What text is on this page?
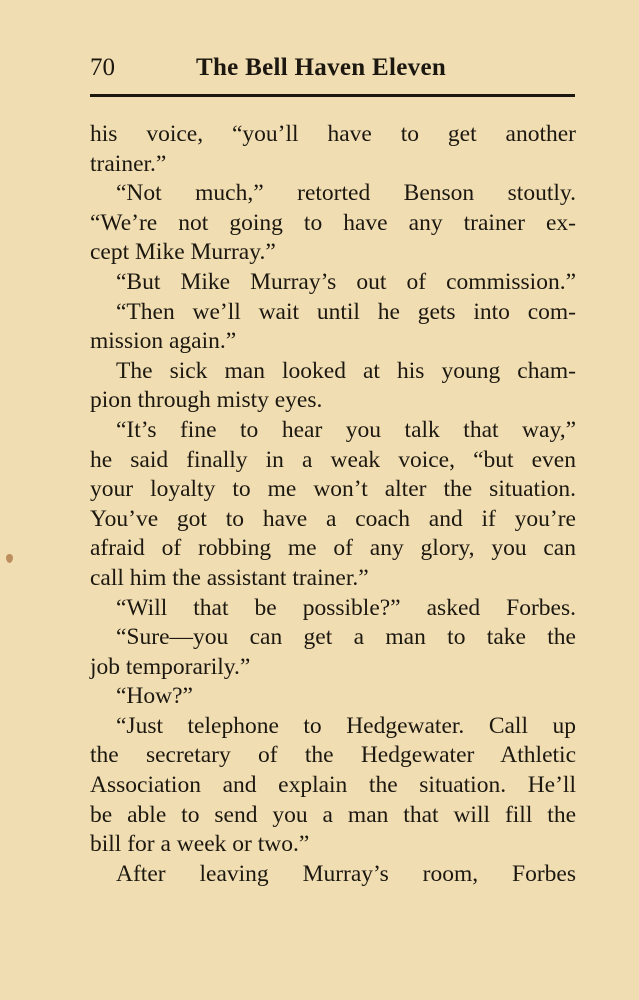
70	The Bell Haven Eleven
his voice, “you’ll have to get another
trainer.”
“Not much,” retorted Benson stoutly.
“We’re not going to have any trainer ex-
cept Mike Murray.”
“But Mike Murray’s out of commission.”
“Then we’ll wait until he gets into com-
mission again.”
The sick man looked at his young cham-
pion through misty eyes.
“It’s fine to hear you talk that way,”
he said finally in a weak voice, “but even
your loyalty to me won’t alter the situation.
You’ve got to have a coach and if you’re
afraid of robbing me of any glory, you can
call him the assistant trainer.”
“Will that be possible?” asked Forbes.
“Sure—you can get a man to take the
job temporarily.”
“How?”
“Just telephone to Hedgewater. Call up
the secretary of the Hedgewater Athletic
Association and explain the situation. He’ll
be able to send you a man that will fill the
bill for a week or two.”
After leaving Murray’s room, Forbes
